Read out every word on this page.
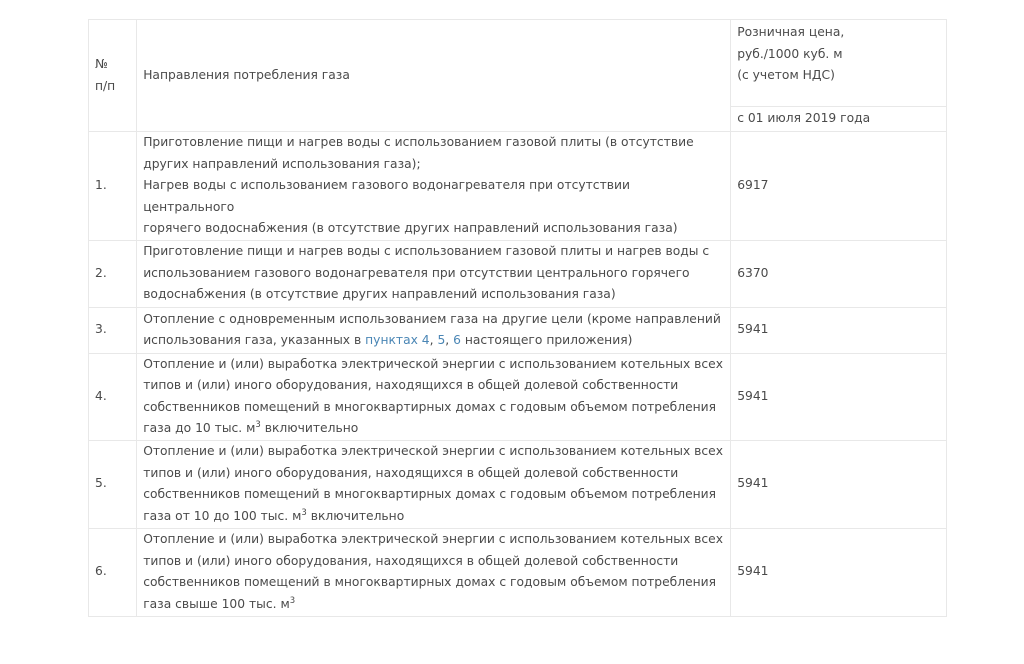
№
п/п	Направления потребления газа	Розничная цена,
руб./1000 куб. м
(с учетом НДС)

		с 01 июля 2019 года
1.	Приготовление пищи и нагрев воды с использованием газовой плиты (в отсутствие
других направлений использования газа);
Нагрев воды с использованием газового водонагревателя при отсутствии центрального
горячего водоснабжения (в отсутствие других направлений использования газа)	6917
2.	Приготовление пищи и нагрев воды с использованием газовой плиты и нагрев воды с
использованием газового водонагревателя при отсутствии центрального горячего
водоснабжения (в отсутствие других направлений использования газа)	6370
3.	Отопление с одновременным использованием газа на другие цели (кроме направлений
использования газа, указанных в пунктах 4, 5, 6 настоящего приложения)	5941
4.	Отопление и (или) выработка электрической энергии с использованием котельных всех
типов и (или) иного оборудования, находящихся в общей долевой собственности
собственников помещений в многоквартирных домах с годовым объемом потребления
газа до 10 тыс. $м^3$ включительно	5941
5.	Отопление и (или) выработка электрической энергии с использованием котельных всех
типов и (или) иного оборудования, находящихся в общей долевой собственности
собственников помещений в многоквартирных домах с годовым объемом потребления
газа от 10 до 100 тыс. $м^3$ включительно	5941
6.	Отопление и (или) выработка электрической энергии с использованием котельных всех
типов и (или) иного оборудования, находящихся в общей долевой собственности
собственников помещений в многоквартирных домах с годовым объемом потребления
газа свыше 100 тыс. $м^3$	5941
